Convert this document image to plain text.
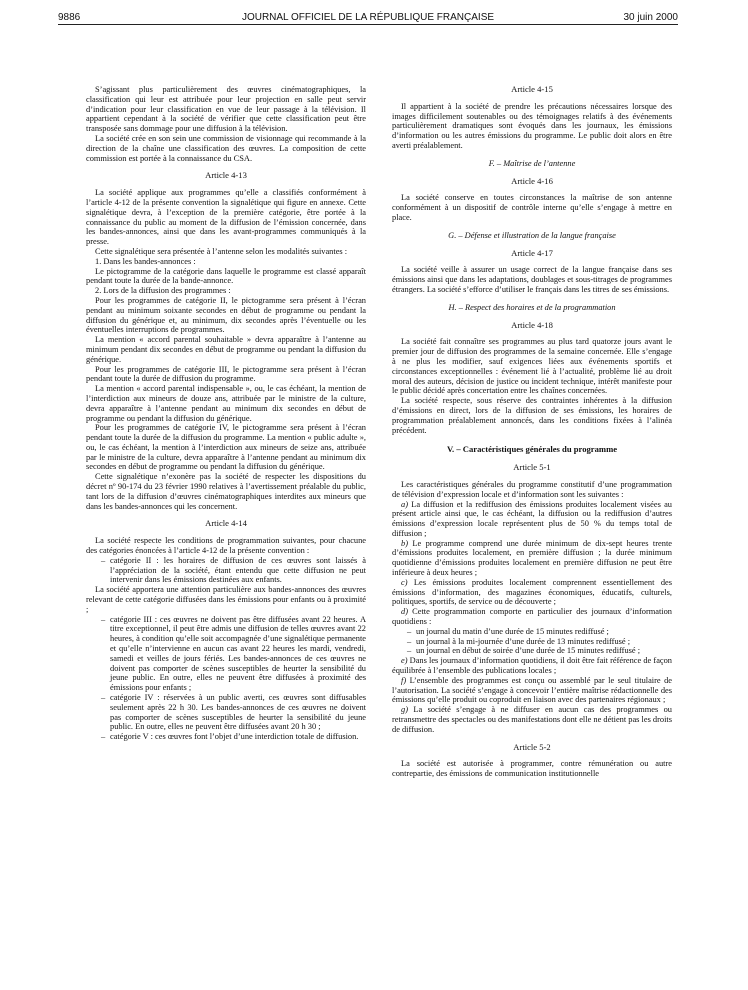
9886	JOURNAL OFFICIEL DE LA RÉPUBLIQUE FRANÇAISE	30 juin 2000

S’agissant plus particulièrement des œuvres cinématographiques, la classification qui leur est attribuée pour leur projection en salle peut servir d’indication pour leur classification en vue de leur passage à la télévision. Il appartient cependant à la société de vérifier que cette classification peut être transposée sans dommage pour une diffusion à la télévision.

La société crée en son sein une commission de visionnage qui recommande à la direction de la chaîne une classification des œuvres. La composition de cette commission est portée à la connaissance du CSA.

Article 4-13

La société applique aux programmes qu’elle a classifiés conformément à l’article 4-12 de la présente convention la signalétique qui figure en annexe. Cette signalétique devra, à l’exception de la première catégorie, être portée à la connaissance du public au moment de la diffusion de l’émission concernée, dans les bandes-annonces, ainsi que dans les avant-programmes communiqués à la presse.

Cette signalétique sera présentée à l’antenne selon les modalités suivantes :

1. Dans les bandes-annonces :

Le pictogramme de la catégorie dans laquelle le programme est classé apparaît pendant toute la durée de la bande-annonce.

2. Lors de la diffusion des programmes :

Pour les programmes de catégorie II, le pictogramme sera présent à l’écran pendant au minimum soixante secondes en début de programme ou pendant la diffusion du générique et, au minimum, dix secondes après l’éventuelle ou les éventuelles interruptions de programmes.

La mention « accord parental souhaitable » devra apparaître à l’antenne au minimum pendant dix secondes en début de programme ou pendant la diffusion du générique.

Pour les programmes de catégorie III, le pictogramme sera présent à l’écran pendant toute la durée de diffusion du programme.

La mention « accord parental indispensable », ou, le cas échéant, la mention de l’interdiction aux mineurs de douze ans, attribuée par le ministre de la culture, devra apparaître à l’antenne pendant au minimum dix secondes en début de programme ou pendant la diffusion du générique.

Pour les programmes de catégorie IV, le pictogramme sera présent à l’écran pendant toute la durée de la diffusion du programme. La mention « public adulte », ou, le cas échéant, la mention à l’interdiction aux mineurs de seize ans, attribuée par le ministre de la culture, devra apparaître à l’antenne pendant au minimum dix secondes en début de programme ou pendant la diffusion du générique.

Cette signalétique n’exonère pas la société de respecter les dispositions du décret nº 90-174 du 23 février 1990 relatives à l’avertissement préalable du public, tant lors de la diffusion d’œuvres cinématographiques interdites aux mineurs que dans les bandes-annonces qui les concernent.

Article 4-14

La société respecte les conditions de programmation suivantes, pour chacune des catégories énoncées à l’article 4-12 de la présente convention :

– catégorie II : les horaires de diffusion de ces œuvres sont laissés à l’appréciation de la société, étant entendu que cette diffusion ne peut intervenir dans les émissions destinées aux enfants.

La société apportera une attention particulière aux bandes-annonces des œuvres relevant de cette catégorie diffusées dans les émissions pour enfants ou à proximité ;

– catégorie III : ces œuvres ne doivent pas être diffusées avant 22 heures. A titre exceptionnel, il peut être admis une diffusion de telles œuvres avant 22 heures, à condition qu’elle soit accompagnée d’une signalétique permanente et qu’elle n’intervienne en aucun cas avant 22 heures les mardi, vendredi, samedi et veilles de jours fériés. Les bandes-annonces de ces œuvres ne doivent pas comporter de scènes susceptibles de heurter la sensibilité du jeune public. En outre, elles ne peuvent être diffusées à proximité des émissions pour enfants ;
– catégorie IV : réservées à un public averti, ces œuvres sont diffusables seulement après 22 h 30. Les bandes-annonces de ces œuvres ne doivent pas comporter de scènes susceptibles de heurter la sensibilité du jeune public. En outre, elles ne peuvent être diffusées avant 20 h 30 ;
– catégorie V : ces œuvres font l’objet d’une interdiction totale de diffusion.
Article 4-15

Il appartient à la société de prendre les précautions nécessaires lorsque des images difficilement soutenables ou des témoignages relatifs à des événements particulièrement dramatiques sont évoqués dans les journaux, les émissions d’information ou les autres émissions du programme. Le public doit alors en être averti préalablement.

F. – Maîtrise de l’antenne
Article 4-16

La société conserve en toutes circonstances la maîtrise de son antenne conformément à un dispositif de contrôle interne qu’elle s’engage à mettre en place.

G. – Défense et illustration de la langue française
Article 4-17

La société veille à assurer un usage correct de la langue française dans ses émissions ainsi que dans les adaptations, doublages et sous-titrages de programmes étrangers. La société s’efforce d’utiliser le français dans les titres de ses émissions.

H. – Respect des horaires et de la programmation
Article 4-18

La société fait connaître ses programmes au plus tard quatorze jours avant le premier jour de diffusion des programmes de la semaine concernée. Elle s’engage à ne plus les modifier, sauf exigences liées aux événements sportifs et circonstances exceptionnelles : événement lié à l’actualité, problème lié au droit moral des auteurs, décision de justice ou incident technique, intérêt manifeste pour le public décidé après concertation entre les chaînes concernées.

La société respecte, sous réserve des contraintes inhérentes à la diffusion d’émissions en direct, lors de la diffusion de ses émissions, les horaires de programmation préalablement annoncés, dans les conditions fixées à l’alinéa précédent.

V. – Caractéristiques générales du programme
Article 5-1

Les caractéristiques générales du programme constitutif d’une programmation de télévision d’expression locale et d’information sont les suivantes :

a) La diffusion et la rediffusion des émissions produites localement visées au présent article ainsi que, le cas échéant, la diffusion ou la rediffusion d’autres émissions d’expression locale représentent plus de 50 % du temps total de diffusion ;

b) Le programme comprend une durée minimum de dix-sept heures trente d’émissions produites localement, en première diffusion ; la durée minimum quotidienne d’émissions produites localement en première diffusion ne peut être inférieure à deux heures ;

c) Les émissions produites localement comprennent essentiellement des émissions d’information, des magazines économiques, éducatifs, culturels, politiques, sportifs, de service ou de découverte ;

d) Cette programmation comporte en particulier des journaux d’information quotidiens :

– un journal du matin d’une durée de 15 minutes rediffusé ;
– un journal à la mi-journée d’une durée de 13 minutes rediffusé ;
– un journal en début de soirée d’une durée de 15 minutes rediffusé ;

e) Dans les journaux d’information quotidiens, il doit être fait référence de façon équilibrée à l’ensemble des publications locales ;

f) L’ensemble des programmes est conçu ou assemblé par le seul titulaire de l’autorisation. La société s’engage à concevoir l’entière maîtrise rédactionnelle des émissions qu’elle produit ou coproduit en liaison avec des partenaires régionaux ;

g) La société s’engage à ne diffuser en aucun cas des programmes ou retransmettre des spectacles ou des manifestations dont elle ne détient pas les droits de diffusion.

Article 5-2

La société est autorisée à programmer, contre rémunération ou autre contrepartie, des émissions de communication institutionnelle
